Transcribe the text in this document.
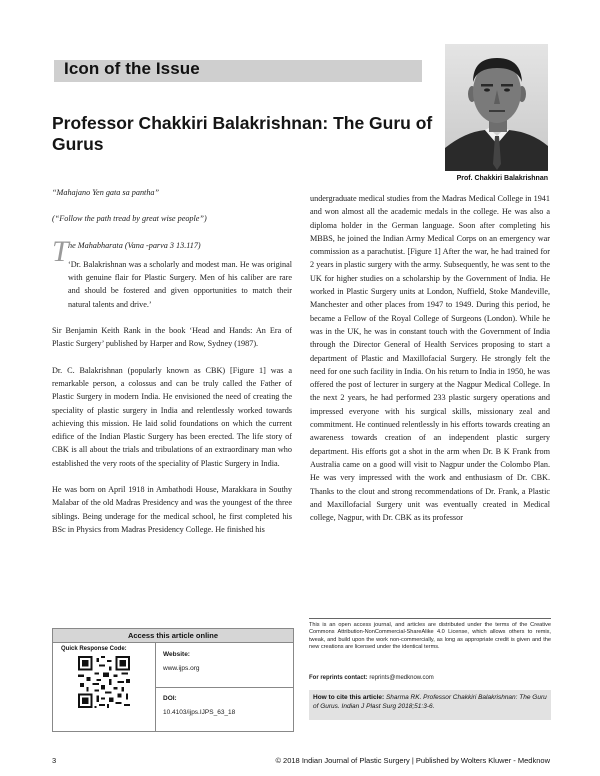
Icon of the Issue
Professor Chakkiri Balakrishnan: The Guru of Gurus
Prof. Chakkiri Balakrishnan

“Mahajano Yen gata sa pantha”

(“Follow the path tread by great wise people”)

T he Mahabharata (Vana -parva 3 13.117)

‘Dr. Balakrishnan was a scholarly and modest man. He was original with genuine flair for Plastic Surgery. Men of his caliber are rare and should be fostered and given opportunities to match their natural talents and drive.’

Sir Benjamin Keith Rank in the book ‘Head and Hands: An Era of Plastic Surgery’ published by Harper and Row, Sydney (1987).

Dr. C. Balakrishnan (popularly known as CBK) [Figure 1] was a remarkable person, a colossus and can be truly called the Father of Plastic Surgery in modern India. He envisioned the need of creating the speciality of plastic surgery in India and relentlessly worked towards achieving this mission. He laid solid foundations on which the current edifice of the Indian Plastic Surgery has been erected. The life story of CBK is all about the trials and tribulations of an extraordinary man who established the very roots of the speciality of Plastic Surgery in India.

He was born on April 1918 in Ambathodi House, Marakkara in Southy Malabar of the old Madras Presidency and was the youngest of the three siblings. Being underage for the medical school, he first completed his BSc in Physics from Madras Presidency College. He finished his

undergraduate medical studies from the Madras Medical College in 1941 and won almost all the academic medals in the college. He was also a diploma holder in the German language. Soon after completing his MBBS, he joined the Indian Army Medical Corps on an emergency war commission as a parachutist. [Figure 1] After the war, he had trained for 2 years in plastic surgery with the army. Subsequently, he was sent to the UK for higher studies on a scholarship by the Government of India. He worked in Plastic Surgery units at London, Nuffield, Stoke Mandeville, Manchester and other places from 1947 to 1949. During this period, he became a Fellow of the Royal College of Surgeons (London). While he was in the UK, he was in constant touch with the Government of India through the Director General of Health Services proposing to start a department of Plastic and Maxillofacial Surgery. He strongly felt the need for one such facility in India. On his return to India in 1950, he was offered the post of lecturer in surgery at the Nagpur Medical College. In the next 2 years, he had performed 233 plastic surgery operations and impressed everyone with his surgical skills, missionary zeal and commitment. He continued relentlessly in his efforts towards creating an awareness towards creation of an independent plastic surgery department. His efforts got a shot in the arm when Dr. B K Frank from Australia came on a good will visit to Nagpur under the Colombo Plan. He was very impressed with the work and enthusiasm of Dr. CBK. Thanks to the clout and strong recommendations of Dr. Frank, a Plastic and Maxillofacial Surgery unit was eventually created in Medical college, Nagpur, with Dr. CBK as its professor

Access this article online
Quick Response Code:
Website:
www.ijps.org
DOI:
10.4103/ijps.IJPS_63_18
This is an open access journal, and articles are distributed under the terms of the Creative Commons Attribution-NonCommercial-ShareAlike 4.0 License, which allows others to remix, tweak, and build upon the work non-commercially, as long as appropriate credit is given and the new creations are licensed under the identical terms.
For reprints contact: reprints@medknow.com
How to cite this article: Sharma RK. Professor Chakkiri Balakrishnan: The Guru of Gurus. Indian J Plast Surg 2018;51:3-6.
3	© 2018 Indian Journal of Plastic Surgery | Published by Wolters Kluwer - Medknow
